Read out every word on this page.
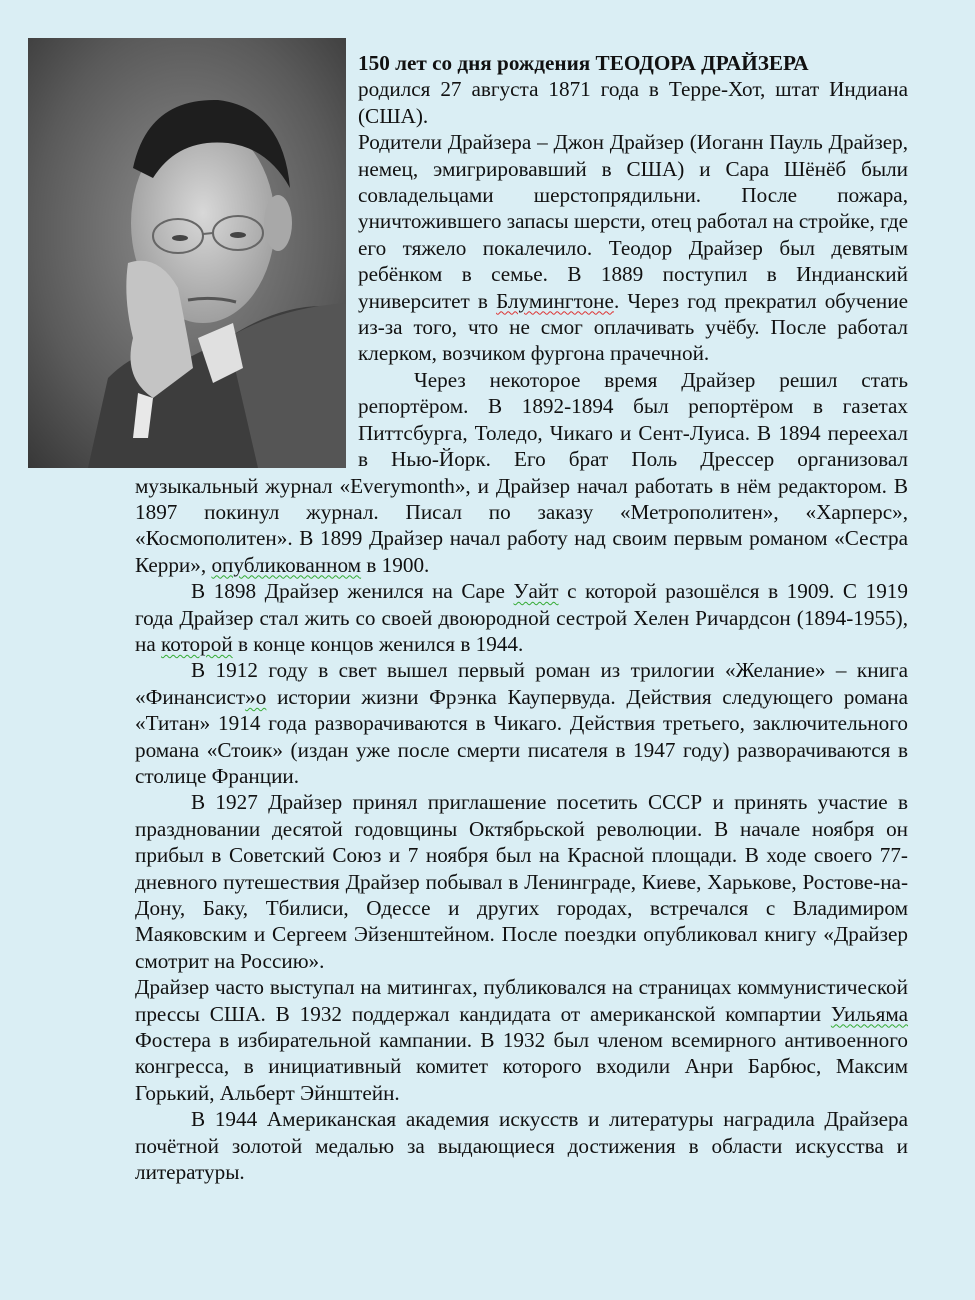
150 лет со дня рождения ТЕОДОРА ДРАЙЗЕРА

родился 27 августа 1871 года в Терре-Хот, штат Индиана (США).

Родители Драйзера – Джон Драйзер (Иоганн Пауль Драйзер, немец, эмигрировавший в США) и Сара Шёнёб были совладельцами шерстопрядильни. После пожара, уничтожившего запасы шерсти, отец работал на стройке, где его тяжело покалечило. Теодор Драйзер был девятым ребёнком в семье. В 1889 поступил в Индианский университет в Блумингтоне. Через год прекратил обучение из-за того, что не смог оплачивать учёбу. После работал клерком, возчиком фургона прачечной.

Через некоторое время Драйзер решил стать репортёром. В 1892-1894 был репортёром в газетах Питтсбурга, Толедо, Чикаго и Сент-Луиса. В 1894 переехал в Нью-Йорк. Его брат Поль Дрессер организовал музыкальный журнал «Everymonth», и Драйзер начал работать в нём редактором. В 1897 покинул журнал. Писал по заказу «Метрополитен», «Харперс», «Космополитен». В 1899 Драйзер начал работу над своим первым романом «Сестра Керри», опубликованном в 1900.

В 1898 Драйзер женился на Саре Уайт с которой разошёлся в 1909. С 1919 года Драйзер стал жить со своей двоюродной сестрой Хелен Ричардсон (1894-1955), на которой в конце концов женился в 1944.

В 1912 году в свет вышел первый роман из трилогии «Желание» – книга «Финансист»о истории жизни Фрэнка Каупервуда. Действия следующего романа «Титан» 1914 года разворачиваются в Чикаго. Действия третьего, заключительного романа «Стоик» (издан уже после смерти писателя в 1947 году) разворачиваются в столице Франции.

В 1927 Драйзер принял приглашение посетить СССР и принять участие в праздновании десятой годовщины Октябрьской революции. В начале ноября он прибыл в Советский Союз и 7 ноября был на Красной площади. В ходе своего 77-дневного путешествия Драйзер побывал в Ленинграде, Киеве, Харькове, Ростове-на-Дону, Баку, Тбилиси, Одессе и других городах, встречался с Владимиром Маяковским и Сергеем Эйзенштейном. После поездки опубликовал книгу «Драйзер смотрит на Россию».

Драйзер часто выступал на митингах, публиковался на страницах коммунистической прессы США. В 1932 поддержал кандидата от американской компартии Уильяма Фостера в избирательной кампании. В 1932 был членом всемирного антивоенного конгресса, в инициативный комитет которого входили Анри Барбюс, Максим Горький, Альберт Эйнштейн.

В 1944 Американская академия искусств и литературы наградила Драйзера почётной золотой медалью за выдающиеся достижения в области искусства и литературы.
